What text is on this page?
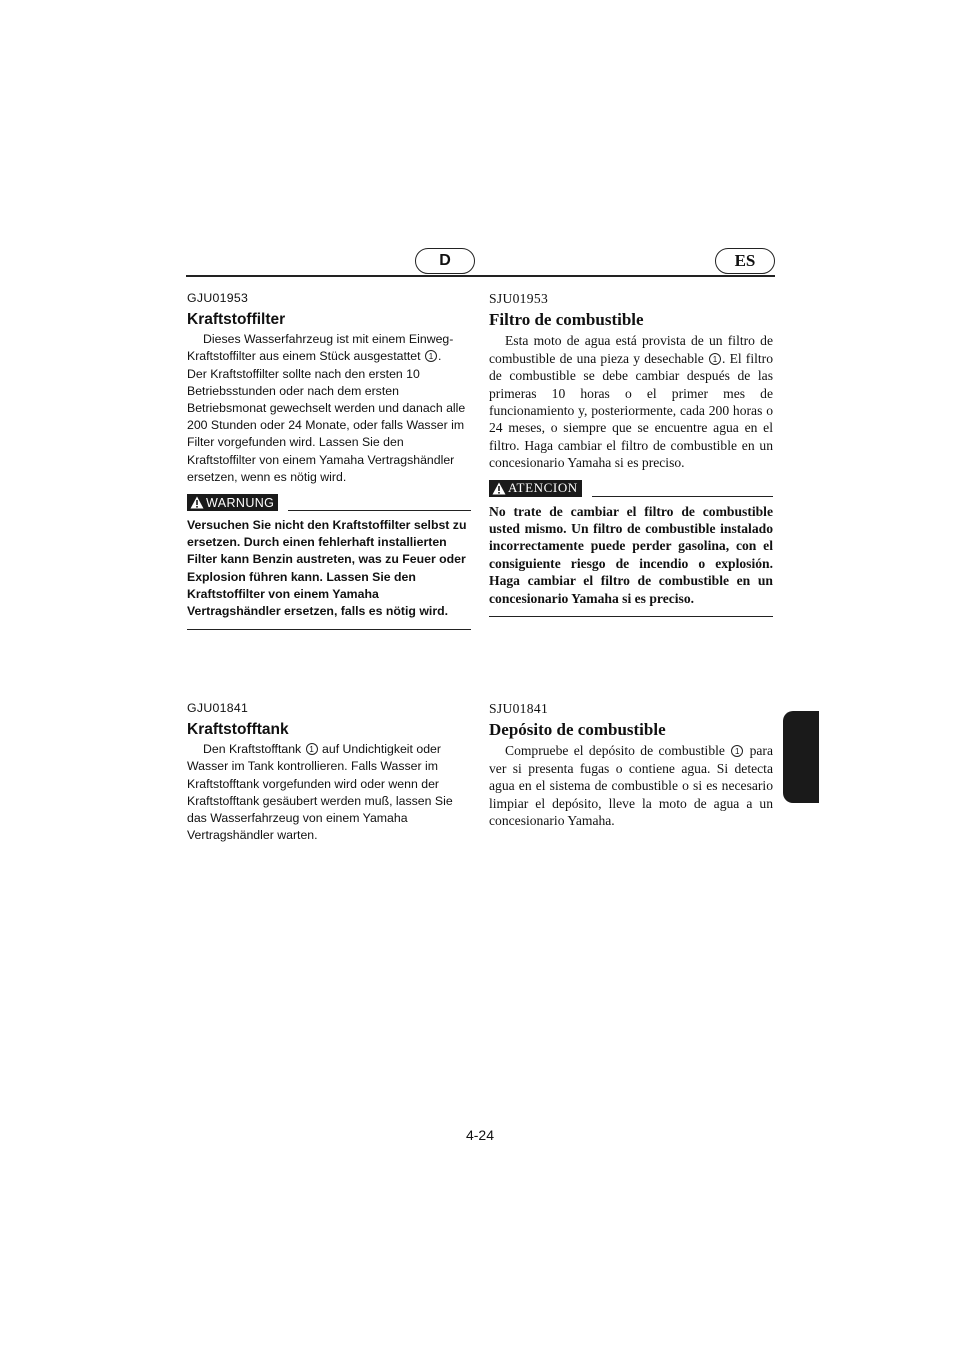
D	ES

GJU01953

Kraftstoffilter

Dieses Wasserfahrzeug ist mit einem Einweg-Kraftstoffilter aus einem Stück ausgestattet 1 .

Der Kraftstoffilter sollte nach den ersten 10 Betriebsstunden oder nach dem ersten Betriebsmonat gewechselt werden und danach alle 200 Stunden oder 24 Monate, oder falls Wasser im Filter vorgefunden wird. Lassen Sie den Kraftstoffilter von einem Yamaha Vertragshändler ersetzen, wenn es nötig wird.

WARNUNG

Versuchen Sie nicht den Kraftstoffilter selbst zu ersetzen. Durch einen fehlerhaft installierten Filter kann Benzin austreten, was zu Feuer oder Explosion führen kann. Lassen Sie den Kraftstoffilter von einem Yamaha Vertragshändler ersetzen, falls es nötig wird.

SJU01953

Filtro de combustible

Esta moto de agua está provista de un filtro de combustible de una pieza y desechable 1 . El filtro de combustible se debe cambiar después de las primeras 10 horas o el primer mes de funcionamiento y, posteriormente, cada 200 horas o 24 meses, o siempre que se encuentre agua en el filtro. Haga cambiar el filtro de combustible en un concesionario Yamaha si es preciso.

ATENCION

No trate de cambiar el filtro de combustible usted mismo. Un filtro de combustible instalado incorrectamente puede perder gasolina, con el consiguiente riesgo de incendio o explosión. Haga cambiar el filtro de combustible en un concesionario Yamaha si es preciso.

GJU01841

Kraftstofftank

Den Kraftstofftank 1 auf Undichtigkeit oder Wasser im Tank kontrollieren. Falls Wasser im Kraftstofftank vorgefunden wird oder wenn der Kraftstofftank gesäubert werden muß, lassen Sie das Wasserfahrzeug von einem Yamaha Vertragshändler warten.

SJU01841

Depósito de combustible

Compruebe el depósito de combustible 1 para ver si presenta fugas o contiene agua. Si detecta agua en el sistema de combustible o si es necesario limpiar el depósito, lleve la moto de agua a un concesionario Yamaha.

4-24
